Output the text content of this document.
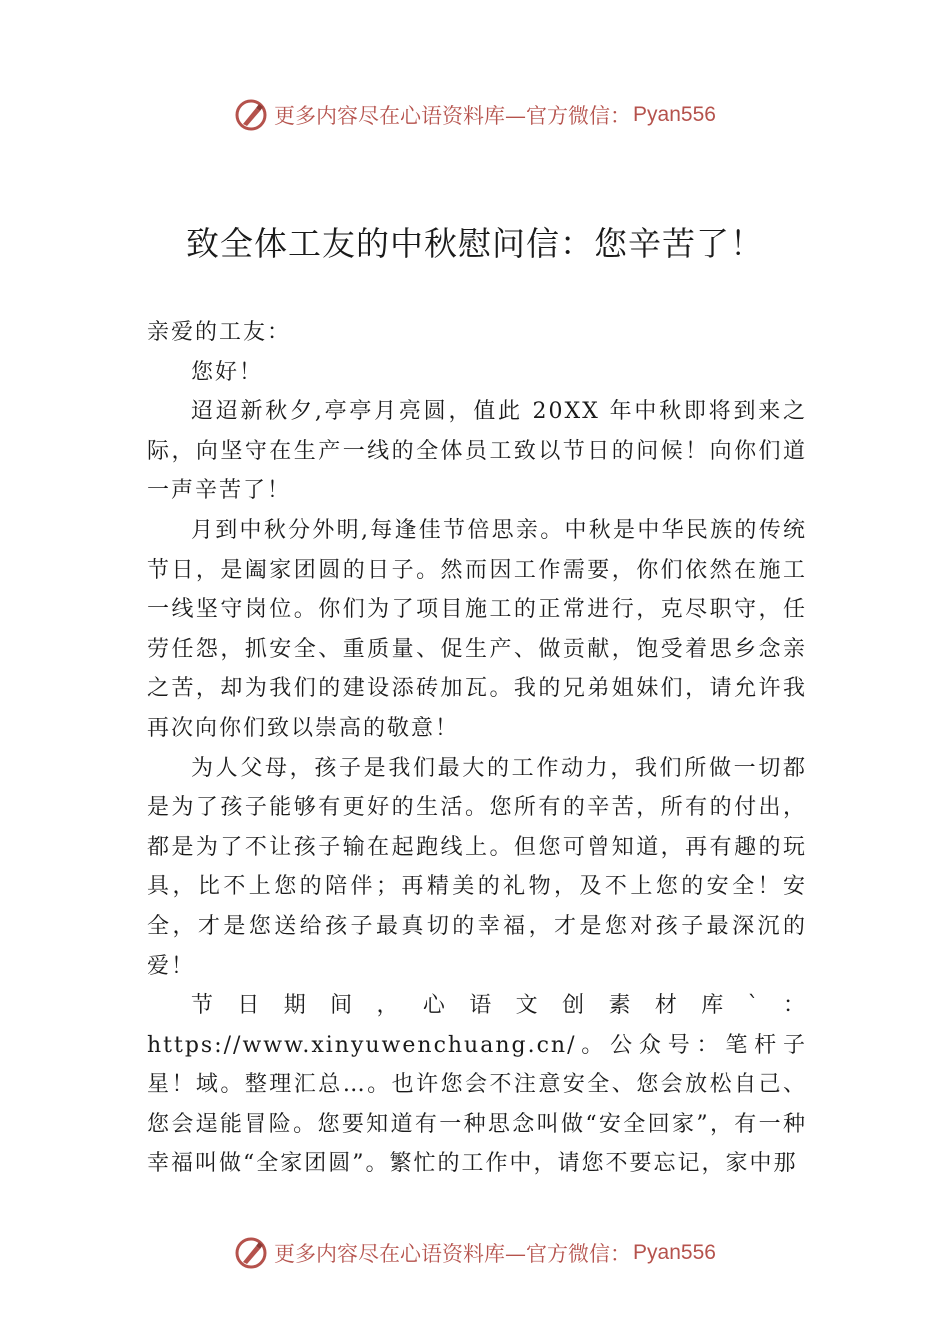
更多内容尽在心语资料库—官方微信： Pyan556
致全体工友的中秋慰问信：您辛苦了！

亲爱的工友：

您好！

迢迢新秋夕,亭亭月亮圆，值此 20XX 年中秋即将到来之际，向坚守在生产一线的全体员工致以节日的问候！向你们道一声辛苦了！

月到中秋分外明,每逢佳节倍思亲。中秋是中华民族的传统节日，是阖家团圆的日子。然而因工作需要，你们依然在施工一线坚守岗位。你们为了项目施工的正常进行，克尽职守，任劳任怨，抓安全、重质量、促生产、做贡献，饱受着思乡念亲之苦，却为我们的建设添砖加瓦。我的兄弟姐妹们，请允许我再次向你们致以崇高的敬意！

为人父母，孩子是我们最大的工作动力，我们所做一切都是为了孩子能够有更好的生活。您所有的辛苦，所有的付出，都是为了不让孩子输在起跑线上。但您可曾知道，再有趣的玩具，比不上您的陪伴；再精美的礼物，及不上您的安全！安全，才是您送给孩子最真切的幸福，才是您对孩子最深沉的爱！

节日期间，心语文创素材库`：https://www.xinyuwenchuang.cn/。公众号：笔杆子星！域。整理汇总…。也许您会不注意安全、您会放松自己、您会逞能冒险。您要知道有一种思念叫做“安全回家”，有一种幸福叫做“全家团圆”。繁忙的工作中，请您不要忘记，家中那

更多内容尽在心语资料库—官方微信： Pyan556
